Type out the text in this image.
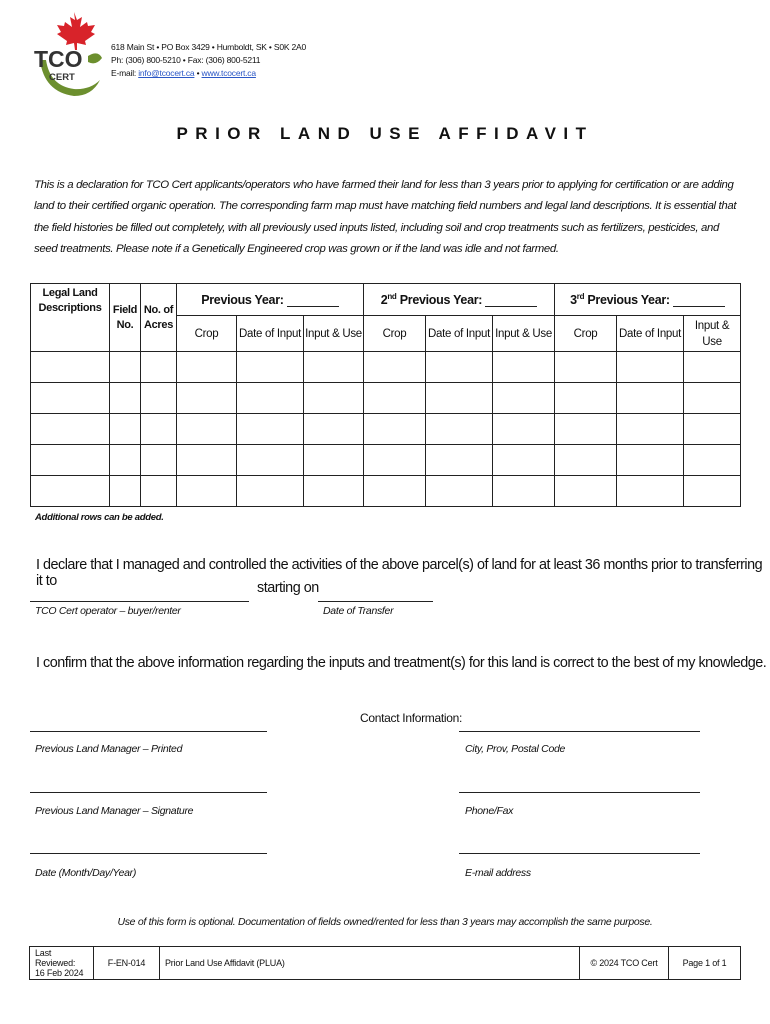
TCO
CERT
618 Main St • PO Box 3429 • Humboldt, SK • S0K 2A0
Ph: (306) 800-5210 • Fax: (306) 800-5211
E-mail: info@tcocert.ca • www.tcocert.ca
PRIOR LAND USE AFFIDAVIT
This is a declaration for TCO Cert applicants/operators who have farmed their land for less than 3 years prior to applying for certification or are adding land to their certified organic operation. The corresponding farm map must have matching field numbers and legal land descriptions. It is essential that the field histories be filled out completely, with all previously used inputs listed, including soil and crop treatments such as fertilizers, pesticides, and seed treatments. Please note if a Genetically Engineered crop was grown or if the land was idle and not farmed.
Legal Land Descriptions	Field No.	No. of Acres	Previous Year:			2nd Previous Year:			3rd Previous Year:		
			Crop	Date of Input	Input & Use	Crop	Date of Input	Input & Use	Crop	Date of Input	Input & Use

Additional rows can be added.
I declare that I managed and controlled the activities of the above parcel(s) of land for at least 36 months prior to transferring it to	starting on
TCO Cert operator – buyer/renter	Date of Transfer
I confirm that the above information regarding the inputs and treatment(s) for this land is correct to the best of my knowledge.
Contact Information:
Previous Land Manager – Printed	City, Prov, Postal Code
Previous Land Manager – Signature	Phone/Fax
Date (Month/Day/Year)	E-mail address
Use of this form is optional. Documentation of fields owned/rented for less than 3 years may accomplish the same purpose.
Last Reviewed:
16 Feb 2024
	F-EN-014	Prior Land Use Affidavit (PLUA)	© 2024 TCO Cert	Page 1 of 1
